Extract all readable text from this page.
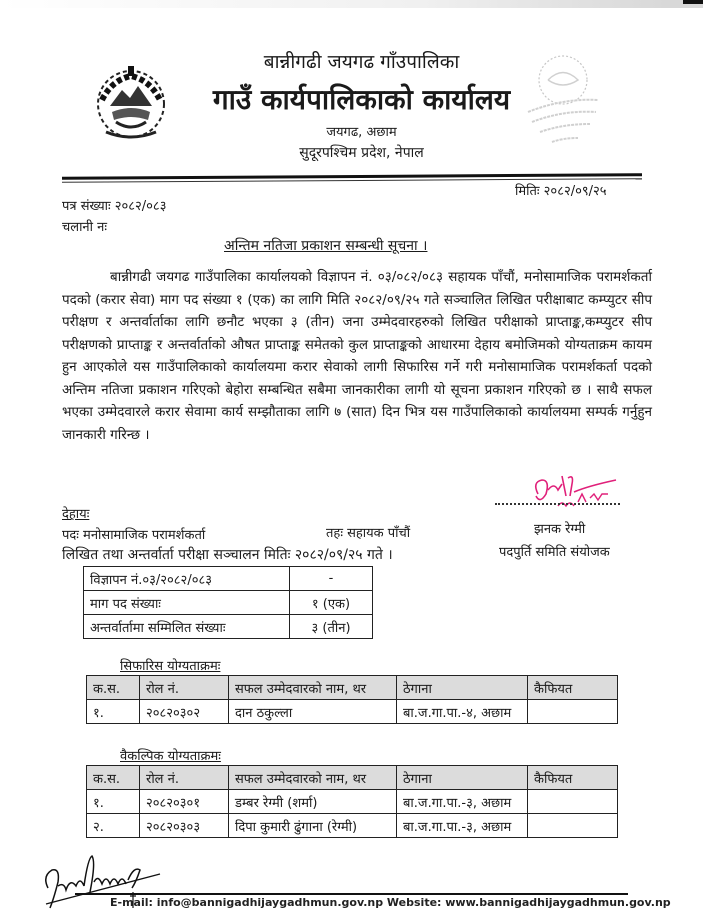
बान्नीगढी जयगढ गाँउपालिका
गाउँ कार्यपालिकाको कार्यालय
जयगढ, अछाम
सुदूरपश्चिम प्रदेश, नेपाल
पत्र संख्याः २०८२/०८३
मितिः २०८२/०९/२५
चलानी नः
अन्तिम नतिजा प्रकाशन सम्बन्धी सूचना ।
बान्नीगढी जयगढ गाउँपालिका कार्यालयको विज्ञापन नं. ०३/०८२/०८३ सहायक पाँचौं, मनोसामाजिक परामर्शकर्ता पदको (करार सेवा) माग पद संख्या १ (एक) का लागि मिति २०८२/०९/२५ गते सञ्चालित लिखित परीक्षाबाट कम्प्युटर सीप परीक्षण र अन्तर्वार्ताका लागि छनौट भएका ३ (तीन) जना उम्मेदवारहरुको लिखित परीक्षाको प्राप्ताङ्क,कम्प्युटर सीप परीक्षणको प्राप्ताङ्क र अन्तर्वार्ताको औषत प्राप्ताङ्क समेतको कुल प्राप्ताङ्कको आधारमा देहाय बमोजिमको योग्यताक्रम कायम हुन आएकोले यस गाउँपालिकाको कार्यालयमा करार सेवाको लागी सिफारिस गर्ने गरी मनोसामाजिक परामर्शकर्ता पदको अन्तिम नतिजा प्रकाशन गरिएको बेहोरा सम्बन्धित सबैमा जानकारीका लागी यो सूचना प्रकाशन गरिएको छ । साथै सफल भएका उम्मेदवारले करार सेवामा कार्य सम्झौताका लागि ७ (सात) दिन भित्र यस गाउँपालिकाको कार्यालयमा सम्पर्क गर्नुहुन जानकारी गरिन्छ ।
देहायः
पदः मनोसामाजिक परामर्शकर्ता	तहः सहायक पाँचौं
लिखित तथा अन्तर्वार्ता परीक्षा सञ्चालन मितिः २०८२/०९/२५ गते ।
झनक रेग्मी
पदपुर्ति समिति संयोजक
विज्ञापन नं.०३/२०८२/०८३	-
माग पद संख्याः	१ (एक)
अन्तर्वार्तामा सम्मिलित संख्याः	३ (तीन)
सिफारिस योग्यताक्रमः
क.स.	रोल नं.	सफल उम्मेदवारको नाम, थर	ठेगाना	कैफियत
१.	२०८२०३०२	दान ठकुल्ला	बा.ज.गा.पा.-४, अछाम	
वैकल्पिक योग्यताक्रमः
क.स.	रोल नं.	सफल उम्मेदवारको नाम, थर	ठेगाना	कैफियत
१.	२०८२०३०१	डम्बर रेग्मी (शर्मा)	बा.ज.गा.पा.-३, अछाम	
२.	२०८२०३०३	दिपा कुमारी ढुंगाना (रेग्मी)	बा.ज.गा.पा.-३, अछाम	
E-mail: info@bannigadhijaygadhmun.gov.np Website: www.bannigadhijaygadhmun.gov.np
